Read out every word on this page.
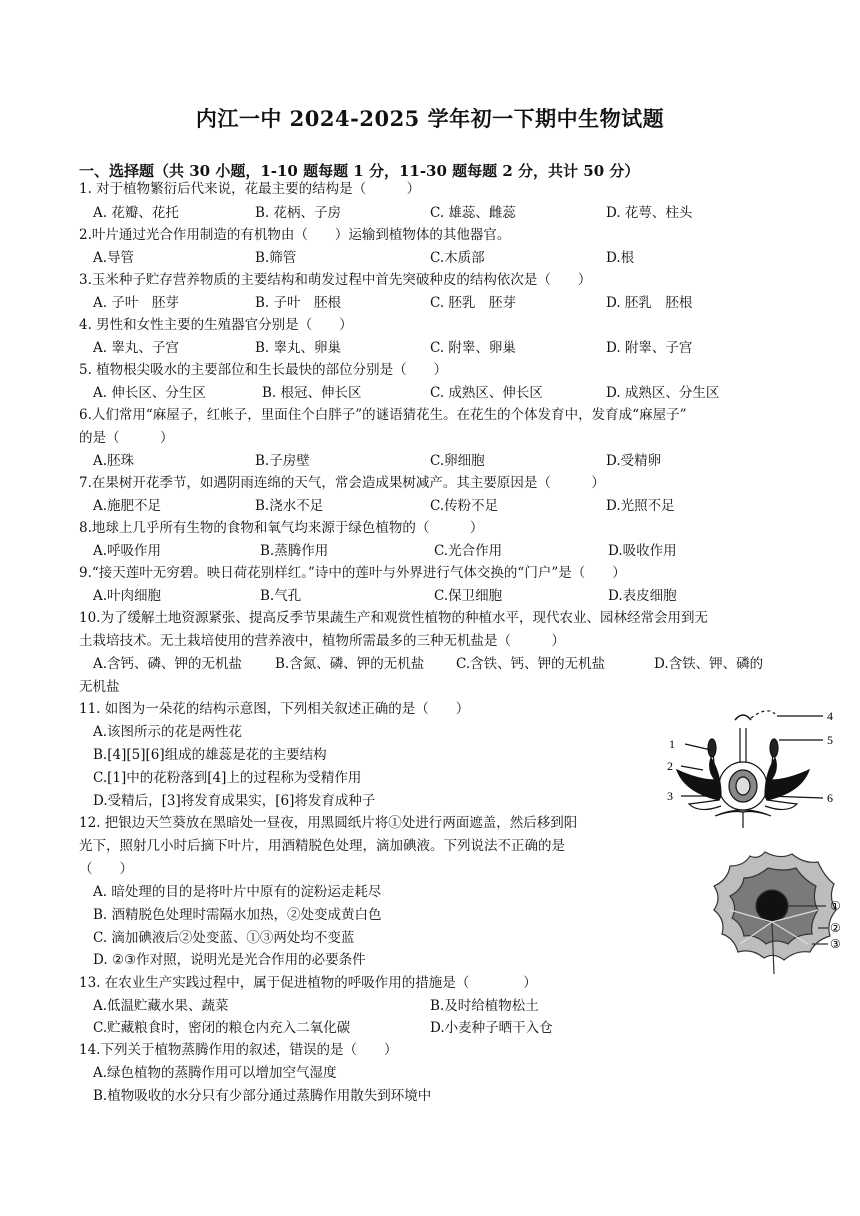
内江一中 2024-2025 学年初一下期中生物试题
一、选择题（共 30 小题，1-10 题每题 1 分，11-30 题每题 2 分，共计 50 分）
1. 对于植物繁衍后代来说，花最主要的结构是（　　　）
A. 花瓣、花托	B. 花柄、子房	C. 雄蕊、雌蕊	D. 花萼、柱头
2.叶片通过光合作用制造的有机物由（　　）运输到植物体的其他器官。
A.导管	B.筛管	C.木质部	D.根
3.玉米种子贮存营养物质的主要结构和萌发过程中首先突破种皮的结构依次是（　　）
A. 子叶　胚芽	B. 子叶　胚根	C. 胚乳　胚芽	D. 胚乳　胚根
4. 男性和女性主要的生殖器官分别是（　　）
A. 睾丸、子宫	B. 睾丸、卵巢	C. 附睾、卵巢	D. 附睾、子宫
5. 植物根尖吸水的主要部位和生长最快的部位分别是（　　）
A. 伸长区、分生区	B. 根冠、伸长区	C. 成熟区、伸长区	D. 成熟区、分生区
6.人们常用“麻屋子，红帐子，里面住个白胖子”的谜语猜花生。在花生的个体发育中，发育成“麻屋子”
的是（　　　）
A.胚珠	B.子房壁	C.卵细胞	D.受精卵
7.在果树开花季节，如遇阴雨连绵的天气，常会造成果树减产。其主要原因是（　　　）
A.施肥不足	B.浇水不足	C.传粉不足	D.光照不足
8.地球上几乎所有生物的食物和氧气均来源于绿色植物的（　　　）
A.呼吸作用	B.蒸腾作用	C.光合作用	D.吸收作用
9.“接天莲叶无穷碧。映日荷花别样红。”诗中的莲叶与外界进行气体交换的“门户”是（　　）
A.叶肉细胞	B.气孔	C.保卫细胞	D.表皮细胞
10.为了缓解土地资源紧张、提高反季节果蔬生产和观赏性植物的种植水平，现代农业、园林经常会用到无
土栽培技术。无土栽培使用的营养液中，植物所需最多的三种无机盐是（　　　）
A.含钙、磷、钾的无机盐 B.含氮、磷、钾的无机盐 C.含铁、钙、钾的无机盐	D.含铁、钾、磷的
无机盐
11. 如图为一朵花的结构示意图，下列相关叙述正确的是（　　）
A.该图所示的花是两性花
B.[4][5][6]组成的雄蕊是花的主要结构
C.[1]中的花粉落到[4]上的过程称为受精作用
D.受精后，[3]将发育成果实，[6]将发育成种子
4
5
1
2
3	6
12. 把银边天竺葵放在黑暗处一昼夜，用黑圆纸片将①处进行两面遮盖，然后移到阳
光下，照射几小时后摘下叶片，用酒精脱色处理，滴加碘液。下列说法不正确的是
（　　）
A. 暗处理的目的是将叶片中原有的淀粉运走耗尽
B. 酒精脱色处理时需隔水加热，②处变成黄白色
C. 滴加碘液后②处变蓝、①③两处均不变蓝
D. ②③作对照，说明光是光合作用的必要条件
①
②
③
13. 在农业生产实践过程中，属于促进植物的呼吸作用的措施是（　　　　）
A.低温贮藏水果、蔬菜	B.及时给植物松土
C.贮藏粮食时，密闭的粮仓内充入二氧化碳	D.小麦种子晒干入仓
14.下列关于植物蒸腾作用的叙述，错误的是（　　）
A.绿色植物的蒸腾作用可以增加空气湿度
B.植物吸收的水分只有少部分通过蒸腾作用散失到环境中
